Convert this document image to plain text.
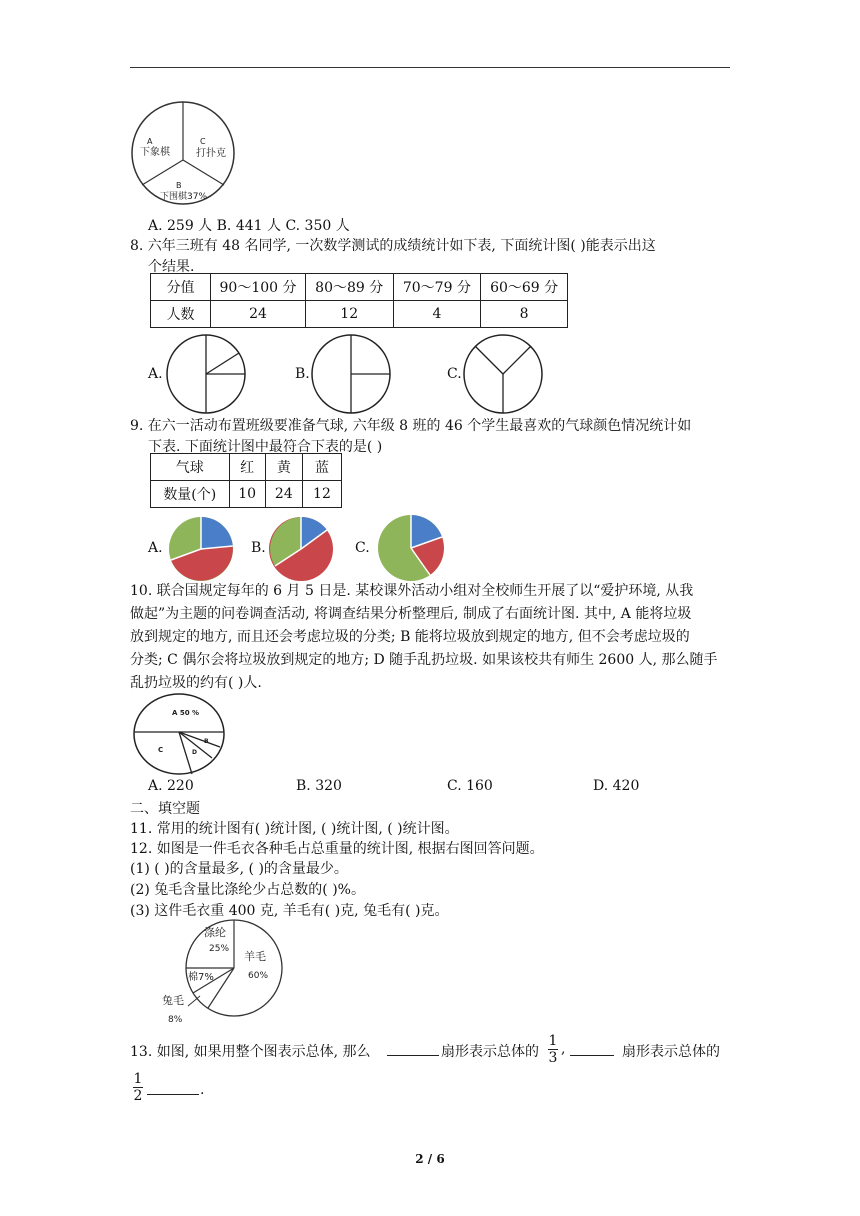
A
下象棋
C
打扑克
B
下围棋37%
A. 259 人 B. 441 人 C. 350 人
8. 六年三班有 48 名同学, 一次数学测试的成绩统计如下表, 下面统计图( )能表示出这
个结果.
分值	90～100 分	80～89 分	70～79 分	60～69 分
人数	24	12	4	8
A.	B.	C.
9. 在六一活动布置班级要准备气球, 六年级 8 班的 46 个学生最喜欢的气球颜色情况统计如
下表. 下面统计图中最符合下表的是( )
气球	红	黄	蓝
数量(个)	10	24	12
A.	B.	C.
10. 联合国规定每年的 6 月 5 日是. 某校课外活动小组对全校师生开展了以“爱护环境, 从我
做起”为主题的问卷调查活动, 将调查结果分析整理后, 制成了右面统计图. 其中, A 能将垃圾
放到规定的地方, 而且还会考虑垃圾的分类; B 能将垃圾放到规定的地方, 但不会考虑垃圾的
分类; C 偶尔会将垃圾放到规定的地方; D 随手乱扔垃圾. 如果该校共有师生 2600 人, 那么随手
乱扔垃圾的约有( )人.
A 50 %
C
B
D
A. 220	B. 320	C. 160	D. 420
二、填空题
11. 常用的统计图有( )统计图, ( )统计图, ( )统计图。
12. 如图是一件毛衣各种毛占总重量的统计图, 根据右图回答问题。
(1) ( )的含量最多, ( )的含量最少。
(2) 兔毛含量比涤纶少占总数的( )%。
(3) 这件毛衣重 400 克, 羊毛有( )克, 兔毛有( )克。
涤纶
25%
羊毛
60%
棉7%
兔毛
8%
13. 如图, 如果用整个图表示总体, 那么	扇形表示总体的
1
3
,	扇形表示总体的
1
2	.
2 / 6
